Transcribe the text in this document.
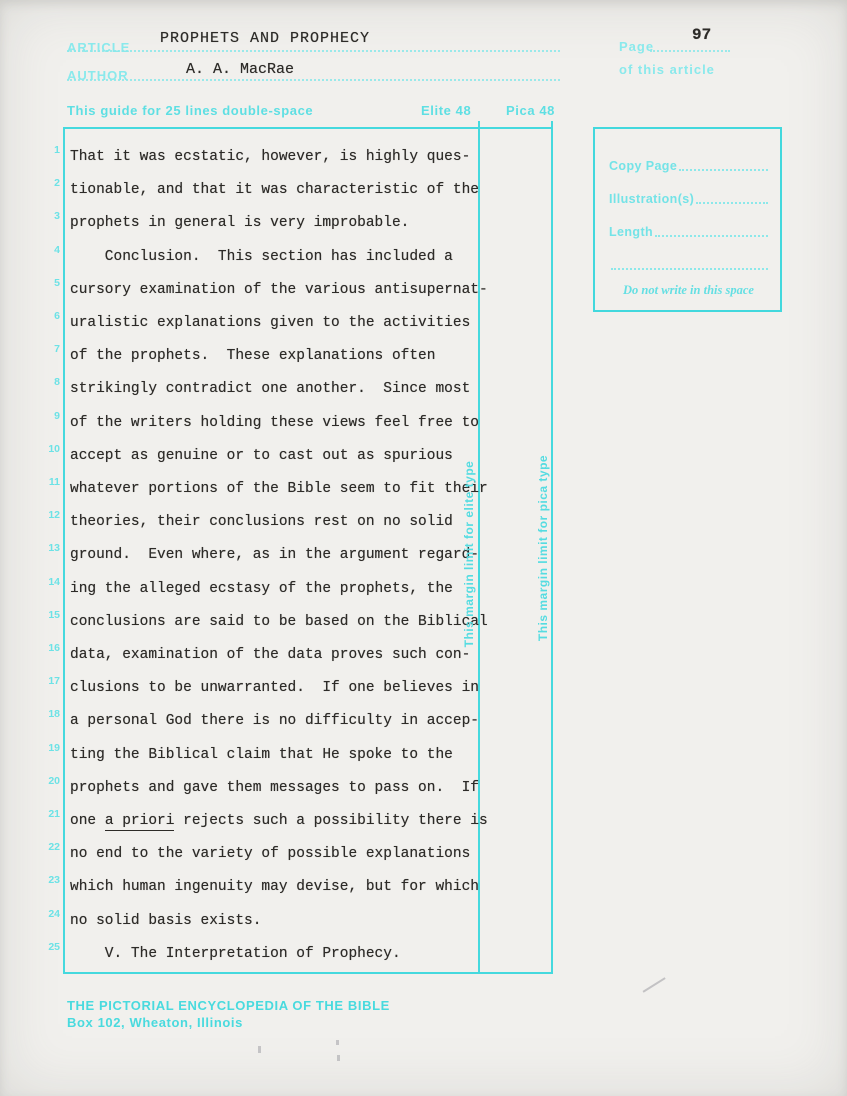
ARTICLE
PROPHETS AND PROPHECY	Page
97
of this article
AUTHOR	A. A. MacRae
This guide for 25 lines double-space	Elite 48	Pica 48
1
2
3
4
5
6
7
8
9
10
11
12
13
14
15
16
17
18
19
20
21
22
23
24
25
That it was ecstatic, however, is highly ques-
tionable, and that it was characteristic of the
prophets in general is very improbable.
Conclusion.  This section has included a
cursory examination of the various antisupernat-
uralistic explanations given to the activities
of the prophets.  These explanations often
strikingly contradict one another.  Since most
of the writers holding these views feel free to
accept as genuine or to cast out as spurious
whatever portions of the Bible seem to fit their
theories, their conclusions rest on no solid
ground.  Even where, as in the argument regard-
ing the alleged ecstasy of the prophets, the
conclusions are said to be based on the Biblical
data, examination of the data proves such con-
clusions to be unwarranted.  If one believes in
a personal God there is no difficulty in accep-
ting the Biblical claim that He spoke to the
prophets and gave them messages to pass on.  If
one a priori rejects such a possibility there is
no end to the variety of possible explanations
which human ingenuity may devise, but for which
no solid basis exists.
V. The Interpretation of Prophecy.
This margin limit for elite type	This margin limit for pica type
Copy Page
Illustration(s)
Length
Do not write in this space
THE PICTORIAL ENCYCLOPEDIA OF THE BIBLE
Box 102, Wheaton, Illinois
